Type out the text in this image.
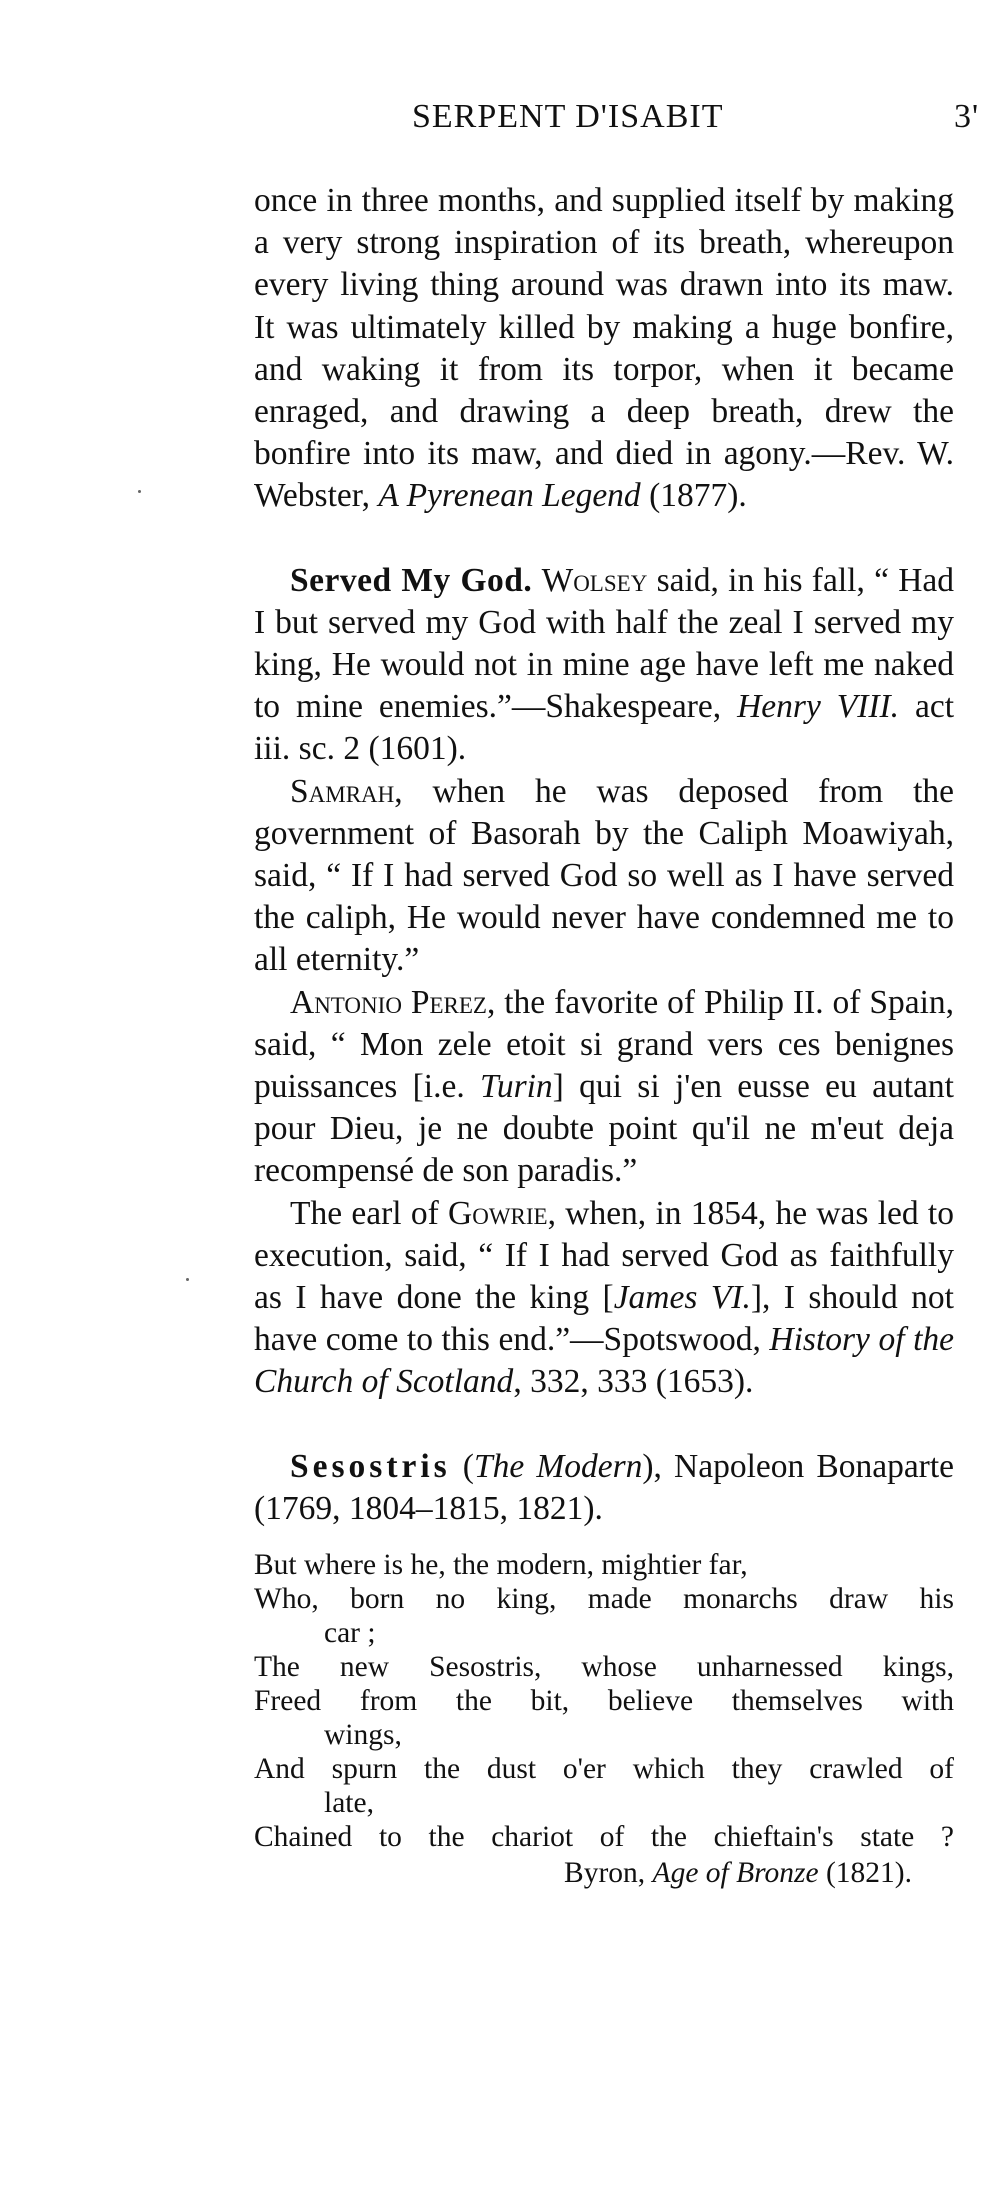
SERPENT D'ISABIT	3'

once in three months, and supplied itself by making a very strong inspiration of its breath, whereupon every living thing around was drawn into its maw. It was ultimately killed by making a huge bonfire, and waking it from its torpor, when it became enraged, and drawing a deep breath, drew the bonfire into its maw, and died in agony.—Rev. W. Webster, A Pyrenean Legend (1877).

Served My God. Wolsey said, in his fall, “ Had I but served my God with half the zeal I served my king, He would not in mine age have left me naked to mine enemies.”—Shakespeare, Henry VIII. act iii. sc. 2 (1601).

Samrah, when he was deposed from the government of Basorah by the Caliph Moawiyah, said, “ If I had served God so well as I have served the caliph, He would never have condemned me to all eternity.”

Antonio Perez, the favorite of Philip II. of Spain, said, “ Mon zele etoit si grand vers ces benignes puissances [i.e. Turin] qui si j'en eusse eu autant pour Dieu, je ne doubte point qu'il ne m'eut deja recompensé de son paradis.”

The earl of Gowrie, when, in 1854, he was led to execution, said, “ If I had served God as faithfully as I have done the king [James VI.], I should not have come to this end.”—Spotswood, History of the Church of Scotland, 332, 333 (1653).

Sesostris (The Modern), Napoleon Bonaparte (1769, 1804–1815, 1821).

But where is he, the modern, mightier far,
Who, born no king, made monarchs draw his
car ;
The new Sesostris, whose unharnessed kings,
Freed from the bit, believe themselves with
wings,
And spurn the dust o'er which they crawled of
late,
Chained to the chariot of the chieftain's state ?
Byron, Age of Bronze (1821).
